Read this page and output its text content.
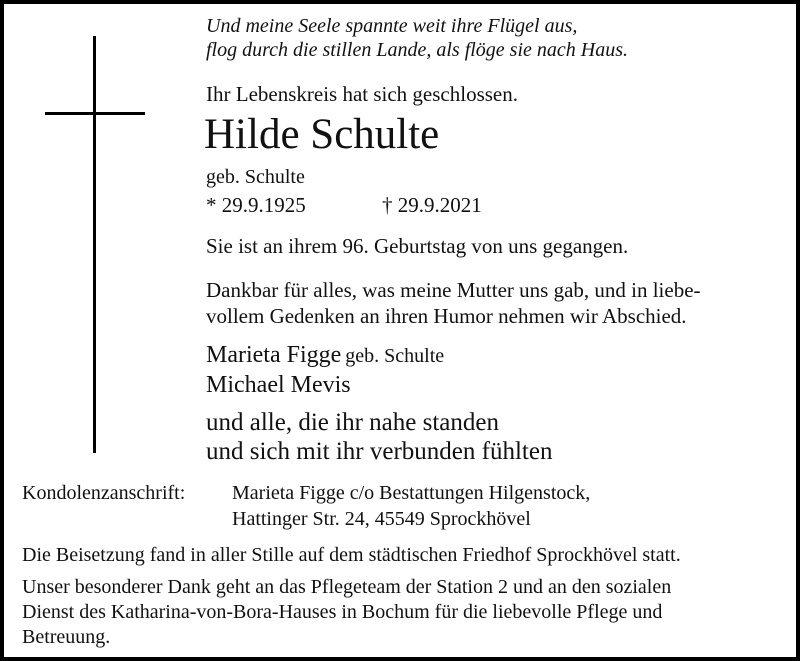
Und meine Seele spannte weit ihre Flügel aus,
flog durch die stillen Lande, als flöge sie nach Haus.
Ihr Lebenskreis hat sich geschlossen.
Hilde Schulte
geb. Schulte
* 29.9.1925	† 29.9.2021
Sie ist an ihrem 96. Geburtstag von uns gegangen.
Dankbar für alles, was meine Mutter uns gab, und in liebe-
vollem Gedenken an ihren Humor nehmen wir Abschied.
Marieta Figge geb. Schulte
Michael Mevis
und alle, die ihr nahe standen
und sich mit ihr verbunden fühlten
Kondolenzanschrift: Marieta Figge c/o Bestattungen Hilgenstock,
Hattinger Str. 24, 45549 Sprockhövel
Die Beisetzung fand in aller Stille auf dem städtischen Friedhof Sprockhövel statt.
Unser besonderer Dank geht an das Pflegeteam der Station 2 und an den sozialen
Dienst des Katharina-von-Bora-Hauses in Bochum für die liebevolle Pflege und
Betreuung.
